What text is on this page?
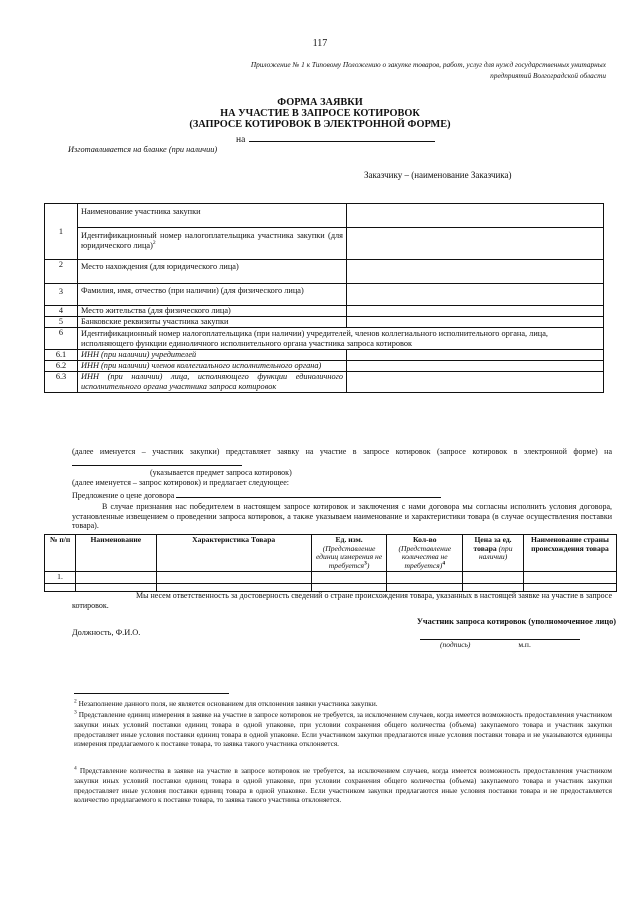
117
Приложение № 1 к Типовому Положению о закупке товаров, работ, услуг для нужд государственных унитарных предприятий Волгоградской области
ФОРМА ЗАЯВКИ
НА УЧАСТИЕ В ЗАПРОСЕ КОТИРОВОК
(ЗАПРОСЕ КОТИРОВОК В ЭЛЕКТРОННОЙ ФОРМЕ)
на
Изготавливается на бланке (при наличии)
Заказчику – (наименование Заказчика)
1	Наименование участника закупки	
	Идентификационный номер налогоплательщика участника закупки (для юридического лица)$^2$	
2	Место нахождения (для юридического лица)	
3	Фамилия, имя, отчество (при наличии) (для физического лица)	
4	Место жительства (для физического лица)	
5	Банковские реквизиты участника закупки	
6	Идентификационный номер налогоплательщика (при наличии) учредителей, членов коллегиального исполнительного органа, лица, исполняющего функции единоличного исполнительного органа участника запроса котировок	
6.1	ИНН (при наличии) учредителей	
6.2	ИНН (при наличии) членов коллегиального исполнительного органа)	
6.3	ИНН (при наличии) лица, исполняющего функции единоличного исполнительного органа участника запроса котировок	
(далее именуется – участник закупки) представляет заявку на участие в запросе котировок (запросе котировок в электронной форме) на
(указывается предмет запроса котировок)
(далее именуется – запрос котировок) и предлагает следующее:
Предложение о цене договора
В случае признания нас победителем в настоящем запросе котировок и заключения с нами договора мы согласны исполнить условия договора, установленные извещением о проведении запроса котировок, а также указываем наименование и характеристики товара (в случае осуществления поставки товара).
№ п/п	Наименование	Характеристика Товара	Ед. изм. (Представление единиц измерения не требуется$^3$)	Кол-во (Представление количества не требуется)$^4$	Цена за ед. товара (при наличии)	Наименование страны происхождения товара
1.						

Мы несем ответственность за достоверность сведений о стране происхождения товара, указанных в настоящей заявке на участие в запросе котировок.
Участник запроса котировок (уполномоченное лицо)
Должность, Ф.И.О.
(подпись)	м.п.
$^2$ Незаполнение данного поля, не является основанием для отклонения заявки участника закупки.
$^3$ Представление единиц измерения в заявке на участие в запросе котировок не требуется, за исключением случаев, когда имеется возможность предоставления участником закупки иных условий поставки единиц товара в одной упаковке, при условии сохранения общего количества (объема) закупаемого товара и участник закупки предоставляет иные условия поставки единиц товара в одной упаковке. Если участником закупки предлагаются иные условия поставки товара и не указываются единицы измерения предлагаемого к поставке товара, то заявка такого участника отклоняется.
$^4$ Представление количества в заявке на участие в запросе котировок не требуется, за исключением случаев, когда имеется возможность предоставления участником закупки иных условий поставки единиц товара в одной упаковке, при условии сохранения общего количества (объема) закупаемого товара и участник закупки предоставляет иные условия поставки единиц товара в одной упаковке. Если участником закупки предлагаются иные условия поставки товара и не предоставляется количество предлагаемого к поставке товара, то заявка такого участника отклоняется.
